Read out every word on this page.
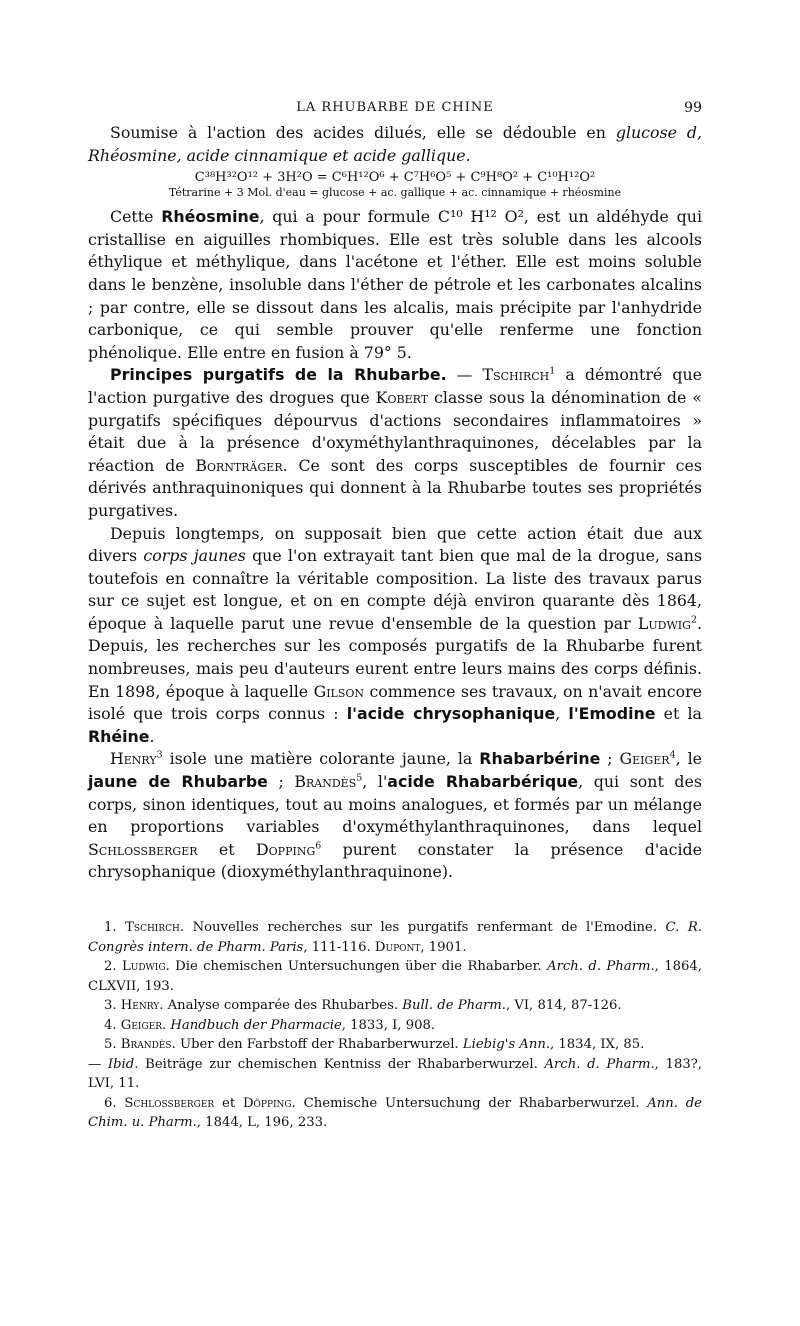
LA RHUBARBE DE CHINE	99

Soumise à l'action des acides dilués, elle se dédouble en glucose d, Rhéosmine, acide cinnamique et acide gallique.

C³⁸H³²O¹² + 3H²O = C⁶H¹²O⁶ + C⁷H⁶O⁵ + C⁹H⁸O² + C¹⁰H¹²O²

Tétrarine + 3 Mol. d'eau = glucose + ac. gallique + ac. cinnamique + rhéosmine

Cette Rhéosmine, qui a pour formule C¹⁰ H¹² O², est un aldéhyde qui cristallise en aiguilles rhombiques. Elle est très soluble dans les alcools éthylique et méthylique, dans l'acétone et l'éther. Elle est moins soluble dans le benzène, insoluble dans l'éther de pétrole et les carbonates alcalins ; par contre, elle se dissout dans les alcalis, mais précipite par l'anhydride carbonique, ce qui semble prouver qu'elle renferme une fonction phénolique. Elle entre en fusion à 79° 5.

Principes purgatifs de la Rhubarbe. — Tschirch$^1$ a démontré que l'action purgative des drogues que Kobert classe sous la dénomination de « purgatifs spécifiques dépourvus d'actions secondaires inflammatoires » était due à la présence d'oxyméthylanthraquinones, décelables par la réaction de Bornträger. Ce sont des corps susceptibles de fournir ces dérivés anthraquinoniques qui donnent à la Rhubarbe toutes ses propriétés purgatives.

Depuis longtemps, on supposait bien que cette action était due aux divers corps jaunes que l'on extrayait tant bien que mal de la drogue, sans toutefois en connaître la véritable composition. La liste des travaux parus sur ce sujet est longue, et on en compte déjà environ quarante dès 1864, époque à laquelle parut une revue d'ensemble de la question par Ludwig$^2$. Depuis, les recherches sur les composés purgatifs de la Rhubarbe furent nombreuses, mais peu d'auteurs eurent entre leurs mains des corps définis. En 1898, époque à laquelle Gilson commence ses travaux, on n'avait encore isolé que trois corps connus : l'acide chrysophanique, l'Emodine et la Rhéine.

Henry$^3$ isole une matière colorante jaune, la Rhabarbérine ; Geiger$^4$, le jaune de Rhubarbe ; Brandès$^5$, l'acide Rhabarbérique, qui sont des corps, sinon identiques, tout au moins analogues, et formés par un mélange en proportions variables d'oxyméthylanthraquinones, dans lequel Schlossberger et Dopping$^6$ purent constater la présence d'acide chrysophanique (dioxyméthylanthraquinone).

1. Tschirch. Nouvelles recherches sur les purgatifs renfermant de l'Emodine. C. R. Congrès intern. de Pharm. Paris, 111-116. Dupont, 1901.

2. Ludwig. Die chemischen Untersuchungen über die Rhabarber. Arch. d. Pharm., 1864, CLXVII, 193.

3. Henry. Analyse comparée des Rhubarbes. Bull. de Pharm., VI, 814, 87-126.

4. Geiger. Handbuch der Pharmacie, 1833, I, 908.

5. Brandès. Uber den Farbstoff der Rhabarberwurzel. Liebig's Ann., 1834, IX, 85.
— Ibid. Beiträge zur chemischen Kentniss der Rhabarberwurzel. Arch. d. Pharm., 183?, LVI, 11.

6. Schlossberger et Döpping. Chemische Untersuchung der Rhabarberwurzel. Ann. de Chim. u. Pharm., 1844, L, 196, 233.
